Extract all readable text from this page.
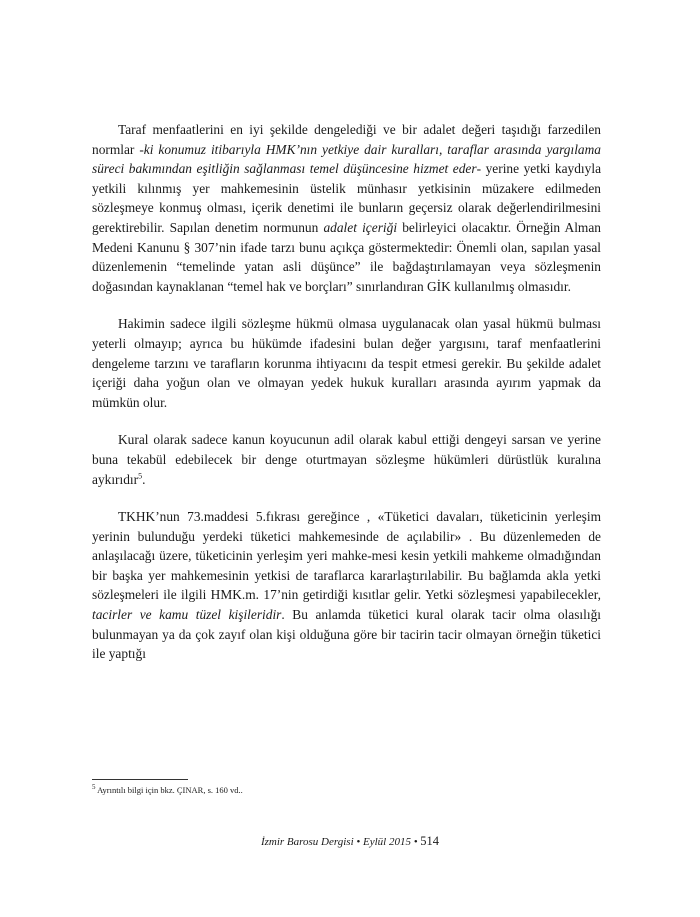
Taraf menfaatlerini en iyi şekilde dengelediği ve bir adalet değeri taşıdığı farzedilen normlar -ki konumuz itibarıyla HMK’nın yetkiye dair kuralları, taraflar arasında yargılama süreci bakımından eşitliğin sağlanması temel düşüncesine hizmet eder- yerine yetki kaydıyla yetkili kılınmış yer mahkemesinin üstelik münhasır yetkisinin müzakere edilmeden sözleşmeye konmuş olması, içerik denetimi ile bunların geçersiz olarak değerlendirilmesini gerektirebilir. Sapılan denetim normunun adalet içeriği belirleyici olacaktır. Örneğin Alman Medeni Kanunu § 307’nin ifade tarzı bunu açıkça göstermektedir: Önemli olan, sapılan yasal düzenlemenin “temelinde yatan asli düşünce” ile bağdaştırılamayan veya sözleşmenin doğasından kaynaklanan “temel hak ve borçları” sınırlandıran GİK kullanılmış olmasıdır.

Hakimin sadece ilgili sözleşme hükmü olmasa uygulanacak olan yasal hükmü bulması yeterli olmayıp; ayrıca bu hükümde ifadesini bulan değer yargısını, taraf menfaatlerini dengeleme tarzını ve tarafların korunma ihtiyacını da tespit etmesi gerekir. Bu şekilde adalet içeriği daha yoğun olan ve olmayan yedek hukuk kuralları arasında ayırım yapmak da mümkün olur.

Kural olarak sadece kanun koyucunun adil olarak kabul ettiği dengeyi sarsan ve yerine buna tekabül edebilecek bir denge oturtmayan sözleşme hükümleri dürüstlük kuralına aykırıdır$^5$.

TKHK’nun 73.maddesi 5.fıkrası gereğince , «Tüketici davaları, tüketicinin yerleşim yerinin bulunduğu yerdeki tüketici mahkemesinde de açılabilir» . Bu düzenlemeden de anlaşılacağı üzere, tüketicinin yerleşim yeri mahke-mesi kesin yetkili mahkeme olmadığından bir başka yer mahkemesinin yetkisi de taraflarca kararlaştırılabilir. Bu bağlamda akla yetki sözleşmeleri ile ilgili HMK.m. 17’nin getirdiği kısıtlar gelir. Yetki sözleşmesi yapabilecekler, tacirler ve kamu tüzel kişileridir. Bu anlamda tüketici kural olarak tacir olma olasılığı bulunmayan ya da çok zayıf olan kişi olduğuna göre bir tacirin tacir olmayan örneğin tüketici ile yaptığı

$^5$ Ayrıntılı bilgi için bkz. ÇINAR, s. 160 vd..
İzmir Barosu Dergisi • Eylül 2015 • 514
